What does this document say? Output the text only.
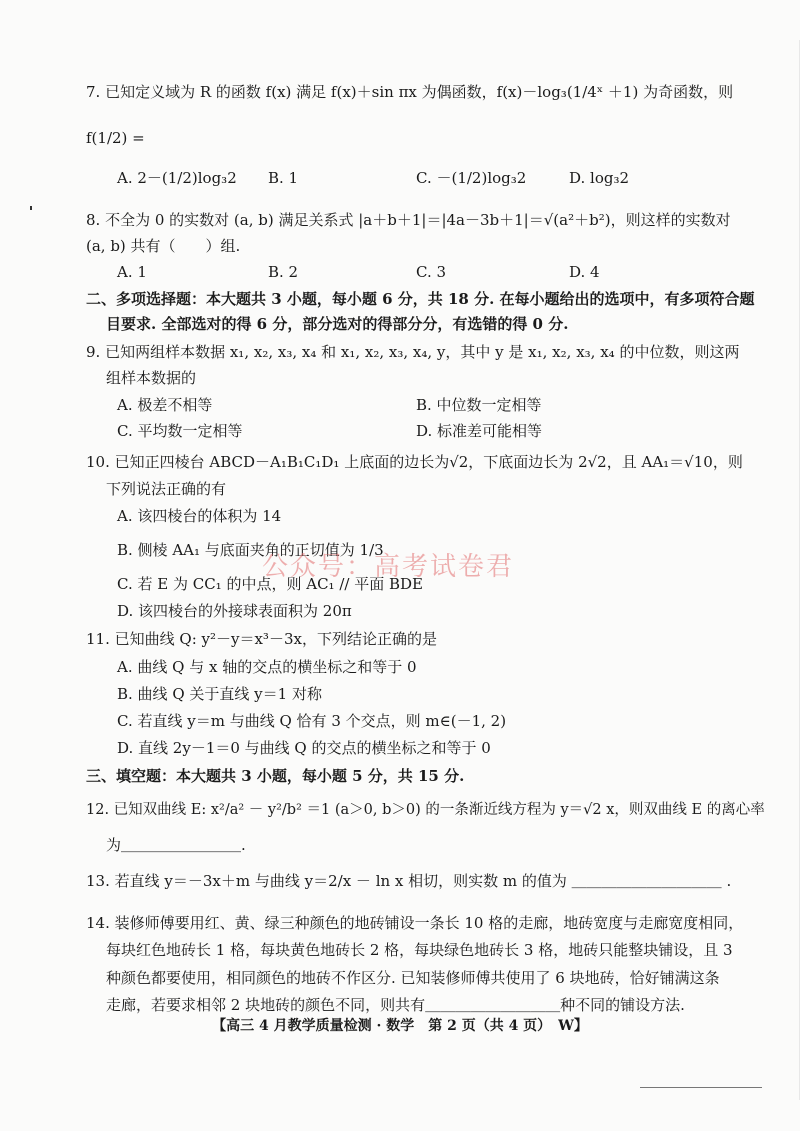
7. 已知定义域为 R 的函数 f(x) 满足 f(x)＋sin πx 为偶函数，f(x)－log₃(1/4ˣ ＋1) 为奇函数，则
f(1/2) =
A. 2－(1/2)log₃2 B. 1	C. －(1/2)log₃2	D. log₃2
8. 不全为 0 的实数对 (a, b) 满足关系式 |a＋b＋1|＝|4a－3b＋1|＝√(a²＋b²)，则这样的实数对
(a, b) 共有（　　）组.
A. 1	B. 2	C. 3	D. 4
二、多项选择题：本大题共 3 小题，每小题 6 分，共 18 分. 在每小题给出的选项中，有多项符合题
目要求. 全部选对的得 6 分，部分选对的得部分分，有选错的得 0 分.
9. 已知两组样本数据 x₁, x₂, x₃, x₄ 和 x₁, x₂, x₃, x₄, y，其中 y 是 x₁, x₂, x₃, x₄ 的中位数，则这两
组样本数据的
A. 极差不相等	B. 中位数一定相等
C. 平均数一定相等	D. 标准差可能相等
10. 已知正四棱台 ABCD－A₁B₁C₁D₁ 上底面的边长为√2，下底面边长为 2√2，且 AA₁＝√10，则
下列说法正确的有
A. 该四棱台的体积为 14
B. 侧棱 AA₁ 与底面夹角的正切值为 1/3
C. 若 E 为 CC₁ 的中点，则 AC₁ // 平面 BDE
D. 该四棱台的外接球表面积为 20π
11. 已知曲线 Q: y²－y＝x³－3x，下列结论正确的是
A. 曲线 Q 与 x 轴的交点的横坐标之和等于 0
B. 曲线 Q 关于直线 y＝1 对称
C. 若直线 y＝m 与曲线 Q 恰有 3 个交点，则 m∈(－1, 2)
D. 直线 2y－1＝0 与曲线 Q 的交点的横坐标之和等于 0
三、填空题：本大题共 3 小题，每小题 5 分，共 15 分.
12. 已知双曲线 E: x²/a² － y²/b² ＝1 (a＞0, b＞0) 的一条渐近线方程为 y＝√2 x，则双曲线 E 的离心率
为＿＿＿＿＿＿＿＿.
13. 若直线 y＝－3x＋m 与曲线 y＝2/x － ln x 相切，则实数 m 的值为 ＿＿＿＿＿＿＿＿＿＿ .
14. 装修师傅要用红、黄、绿三种颜色的地砖铺设一条长 10 格的走廊，地砖宽度与走廊宽度相同，
每块红色地砖长 1 格，每块黄色地砖长 2 格，每块绿色地砖长 3 格，地砖只能整块铺设，且 3
种颜色都要使用，相同颜色的地砖不作区分. 已知装修师傅共使用了 6 块地砖，恰好铺满这条
走廊，若要求相邻 2 块地砖的颜色不同，则共有＿＿＿＿＿＿＿＿＿种不同的铺设方法.
公众号：高考试卷君
【高三 4 月教学质量检测 · 数学　第 2 页（共 4 页）　W】
